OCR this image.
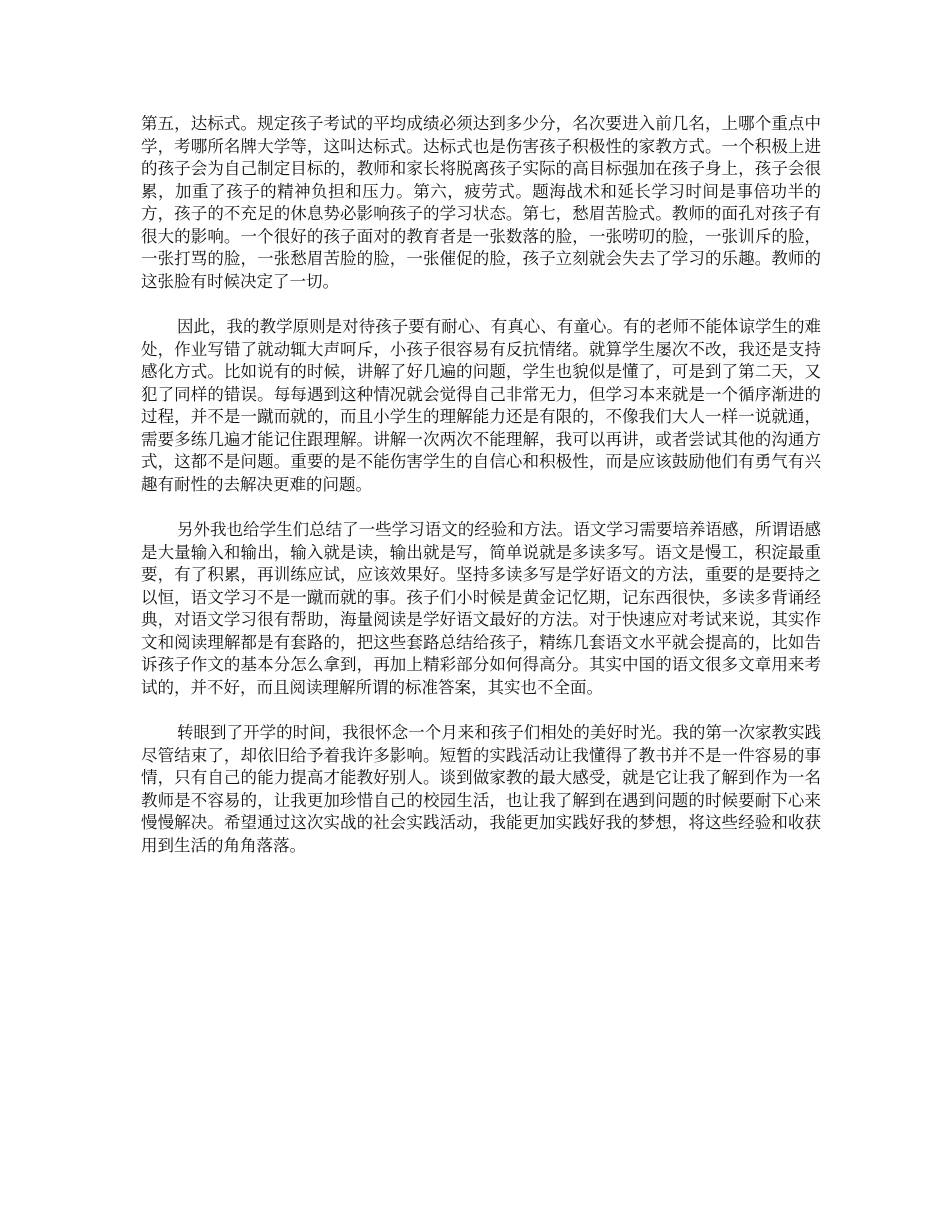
第五，达标式。规定孩子考试的平均成绩必须达到多少分，名次要进入前几名，上哪个重点中学，考哪所名牌大学等，这叫达标式。达标式也是伤害孩子积极性的家教方式。一个积极上进的孩子会为自己制定目标的，教师和家长将脱离孩子实际的高目标强加在孩子身上，孩子会很累，加重了孩子的精神负担和压力。第六，疲劳式。题海战术和延长学习时间是事倍功半的方，孩子的不充足的休息势必影响孩子的学习状态。第七，愁眉苦脸式。教师的面孔对孩子有很大的影响。一个很好的孩子面对的教育者是一张数落的脸，一张唠叨的脸，一张训斥的脸，一张打骂的脸，一张愁眉苦脸的脸，一张催促的脸，孩子立刻就会失去了学习的乐趣。教师的这张脸有时候决定了一切。

因此，我的教学原则是对待孩子要有耐心、有真心、有童心。有的老师不能体谅学生的难处，作业写错了就动辄大声呵斥，小孩子很容易有反抗情绪。就算学生屡次不改，我还是支持感化方式。比如说有的时候，讲解了好几遍的问题，学生也貌似是懂了，可是到了第二天，又犯了同样的错误。每每遇到这种情况就会觉得自己非常无力，但学习本来就是一个循序渐进的过程，并不是一蹴而就的，而且小学生的理解能力还是有限的，不像我们大人一样一说就通，需要多练几遍才能记住跟理解。讲解一次两次不能理解，我可以再讲，或者尝试其他的沟通方式，这都不是问题。重要的是不能伤害学生的自信心和积极性，而是应该鼓励他们有勇气有兴趣有耐性的去解决更难的问题。

另外我也给学生们总结了一些学习语文的经验和方法。语文学习需要培养语感，所谓语感是大量输入和输出，输入就是读，输出就是写，简单说就是多读多写。语文是慢工，积淀最重要，有了积累，再训练应试，应该效果好。坚持多读多写是学好语文的方法，重要的是要持之以恒，语文学习不是一蹴而就的事。孩子们小时候是黄金记忆期，记东西很快，多读多背诵经典，对语文学习很有帮助，海量阅读是学好语文最好的方法。对于快速应对考试来说，其实作文和阅读理解都是有套路的，把这些套路总结给孩子，精练几套语文水平就会提高的，比如告诉孩子作文的基本分怎么拿到，再加上精彩部分如何得高分。其实中国的语文很多文章用来考试的，并不好，而且阅读理解所谓的标准答案，其实也不全面。

转眼到了开学的时间，我很怀念一个月来和孩子们相处的美好时光。我的第一次家教实践尽管结束了，却依旧给予着我许多影响。短暂的实践活动让我懂得了教书并不是一件容易的事情，只有自己的能力提高才能教好别人。谈到做家教的最大感受，就是它让我了解到作为一名教师是不容易的，让我更加珍惜自己的校园生活，也让我了解到在遇到问题的时候要耐下心来慢慢解决。希望通过这次实战的社会实践活动，我能更加实践好我的梦想，将这些经验和收获用到生活的角角落落。
